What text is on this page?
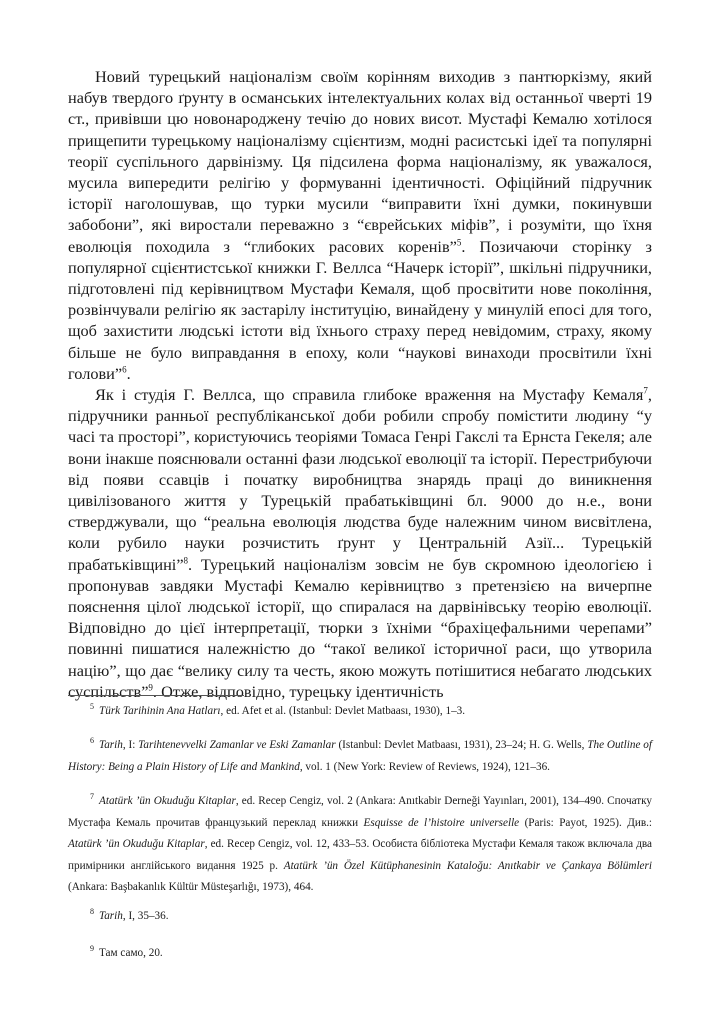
Новий турецький націоналізм своїм корінням виходив з пантюркізму, який набув твердого ґрунту в османських інтелектуальних колах від останньої чверті 19 ст., привівши цю новонароджену течію до нових висот. Мустафі Кемалю хотілося прищепити турецькому націоналізму сцієнтизм, модні расистські ідеї та популярні теорії суспільного дарвінізму. Ця підсилена форма націоналізму, як уважалося, мусила випередити релігію у формуванні ідентичності. Офіційний підручник історії наголошував, що турки мусили “виправити їхні думки, покинувши забобони”, які виростали переважно з “єврейських міфів”, і розуміти, що їхня еволюція походила з “глибоких расових коренів”$^5$. Позичаючи сторінку з популярної сцієнтистської книжки Г. Веллса “Начерк історії”, шкільні підручники, підготовлені під керівництвом Мустафи Кемаля, щоб просвітити нове покоління, розвінчували релігію як застарілу інституцію, винайдену у минулій епосі для того, щоб захистити людські істоти від їхнього страху перед невідомим, страху, якому більше не було виправдання в епоху, коли “наукові винаходи просвітили їхні голови”$^6$.

Як і студія Г. Веллса, що справила глибоке враження на Мустафу Кемаля$^7$, підручники ранньої республіканської доби робили спробу помістити людину “у часі та просторі”, користуючись теоріями Томаса Генрі Гакслі та Ернста Гекеля; але вони інакше пояснювали останні фази людської еволюції та історії. Перестрибуючи від появи ссавців і початку виробництва знарядь праці до виникнення цивілізованого життя у Турецькій прабатьківщині бл. 9000 до н.е., вони стверджували, що “реальна еволюція людства буде належним чином висвітлена, коли рубило науки розчистить ґрунт у Центральній Азії... Турецькій прабатьківщині”$^8$. Турецький націоналізм зовсім не був скромною ідеологією і пропонував завдяки Мустафі Кемалю керівництво з претензією на вичерпне пояснення цілої людської історії, що спиралася на дарвінівську теорію еволюції. Відповідно до цієї інтерпретації, тюрки з їхніми “брахіцефальними черепами” повинні пишатися належністю до “такої великої історичної раси, що утворила націю”, що дає “велику силу та честь, якою можуть потішитися небагато людських суспільств”$^9$. Отже, відповідно, турецьку ідентичність

$^5$ Türk Tarihinin Ana Hatları, ed. Afet et al. (Istanbul: Devlet Matbaası, 1930), 1–3.

$^6$ Tarih, I: Tarihtenevvelki Zamanlar ve Eski Zamanlar (Istanbul: Devlet Matbaası, 1931), 23–24; H. G. Wells, The Outline of History: Being a Plain History of Life and Mankind, vol. 1 (New York: Review of Reviews, 1924), 121–36.

$^7$ Atatürk ’ün Okuduğu Kitaplar, ed. Recep Cengiz, vol. 2 (Ankara: Anıtkabir Derneği Yayınları, 2001), 134–490. Спочатку Мустафа Кемаль прочитав французький переклад книжки Esquisse de l’histoire universelle (Paris: Payot, 1925). Див.: Atatürk ’ün Okuduğu Kitaplar, ed. Recep Cengiz, vol. 12, 433–53. Особиста бібліотека Мустафи Кемаля також включала два примірники англійського видання 1925 р. Atatürk ’ün Özel Kütüphanesinin Kataloğu: Anıtkabir ve Çankaya Bölümleri (Ankara: Başbakanlık Kültür Müsteşarlığı, 1973), 464.

$^8$ Tarih, I, 35–36.

$^9$ Там само, 20.
